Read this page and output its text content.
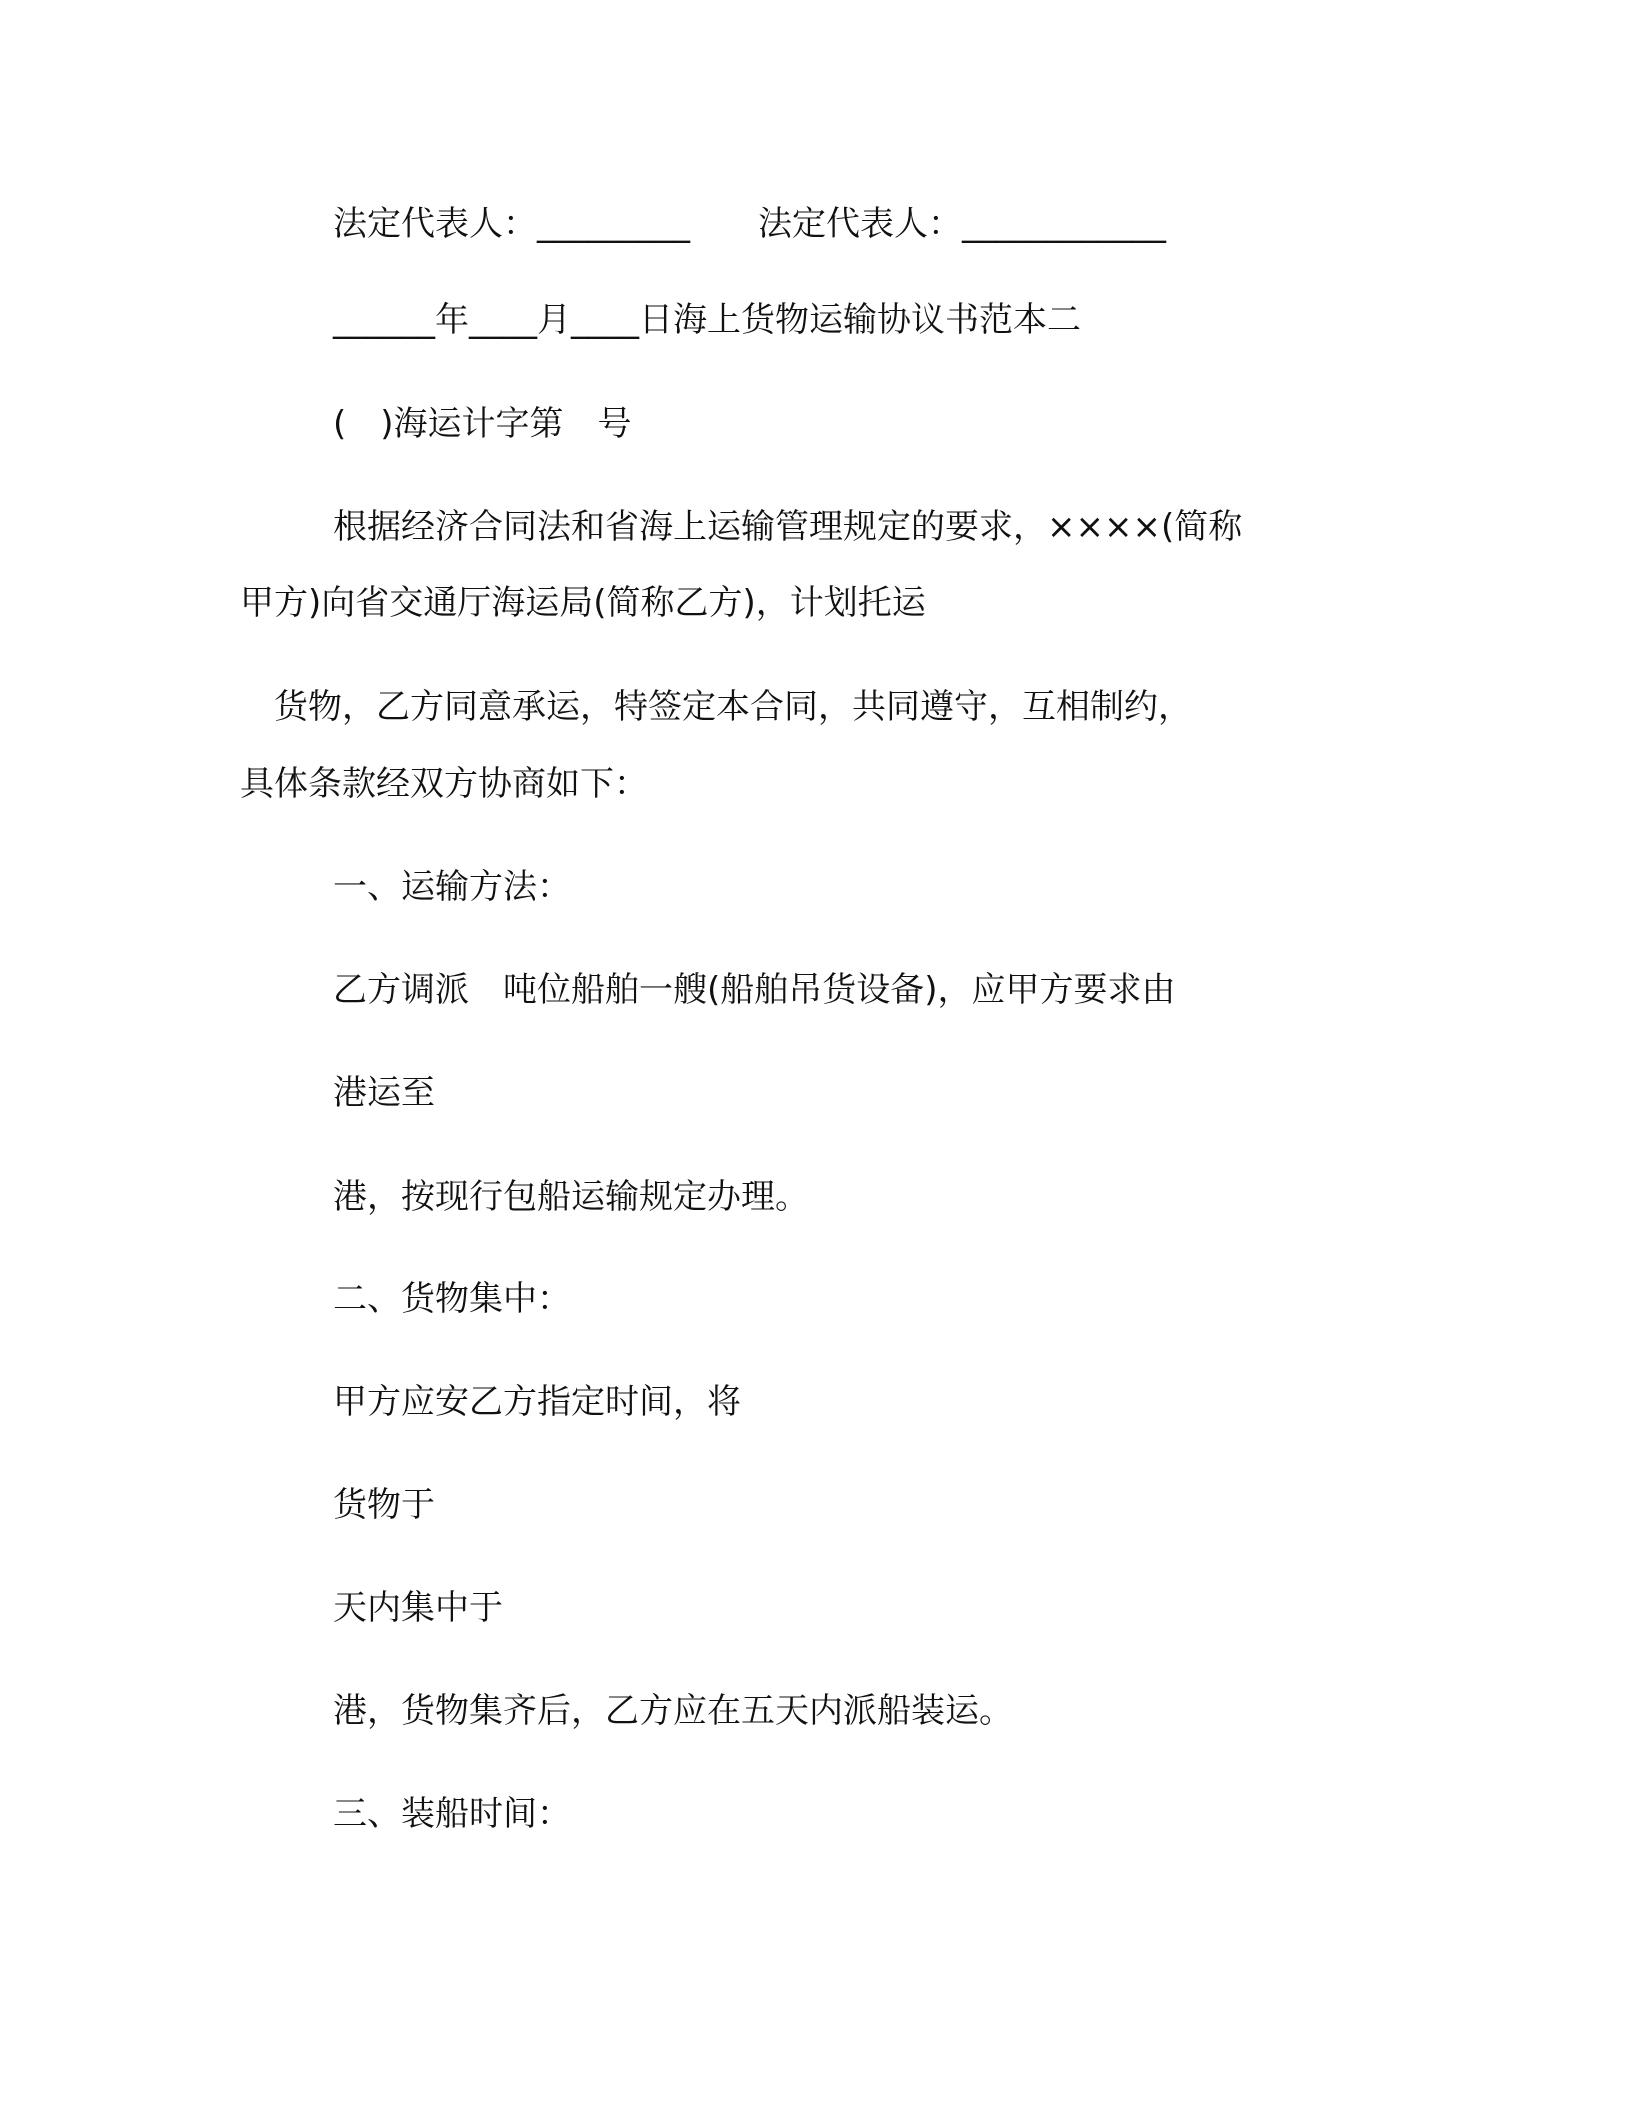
法定代表人：_________　　法定代表人：____________
______年____月____日海上货物运输协议书范本二
(　)海运计字第　号
根据经济合同法和省海上运输管理规定的要求，××××(简称
甲方)向省交通厅海运局(简称乙方)，计划托运
　货物，乙方同意承运，特签定本合同，共同遵守，互相制约，
具体条款经双方协商如下：
一、运输方法：
乙方调派　吨位船舶一艘(船舶吊货设备)，应甲方要求由
港运至
港，按现行包船运输规定办理。
二、货物集中：
甲方应安乙方指定时间，将
货物于
天内集中于
港，货物集齐后，乙方应在五天内派船装运。
三、装船时间：
